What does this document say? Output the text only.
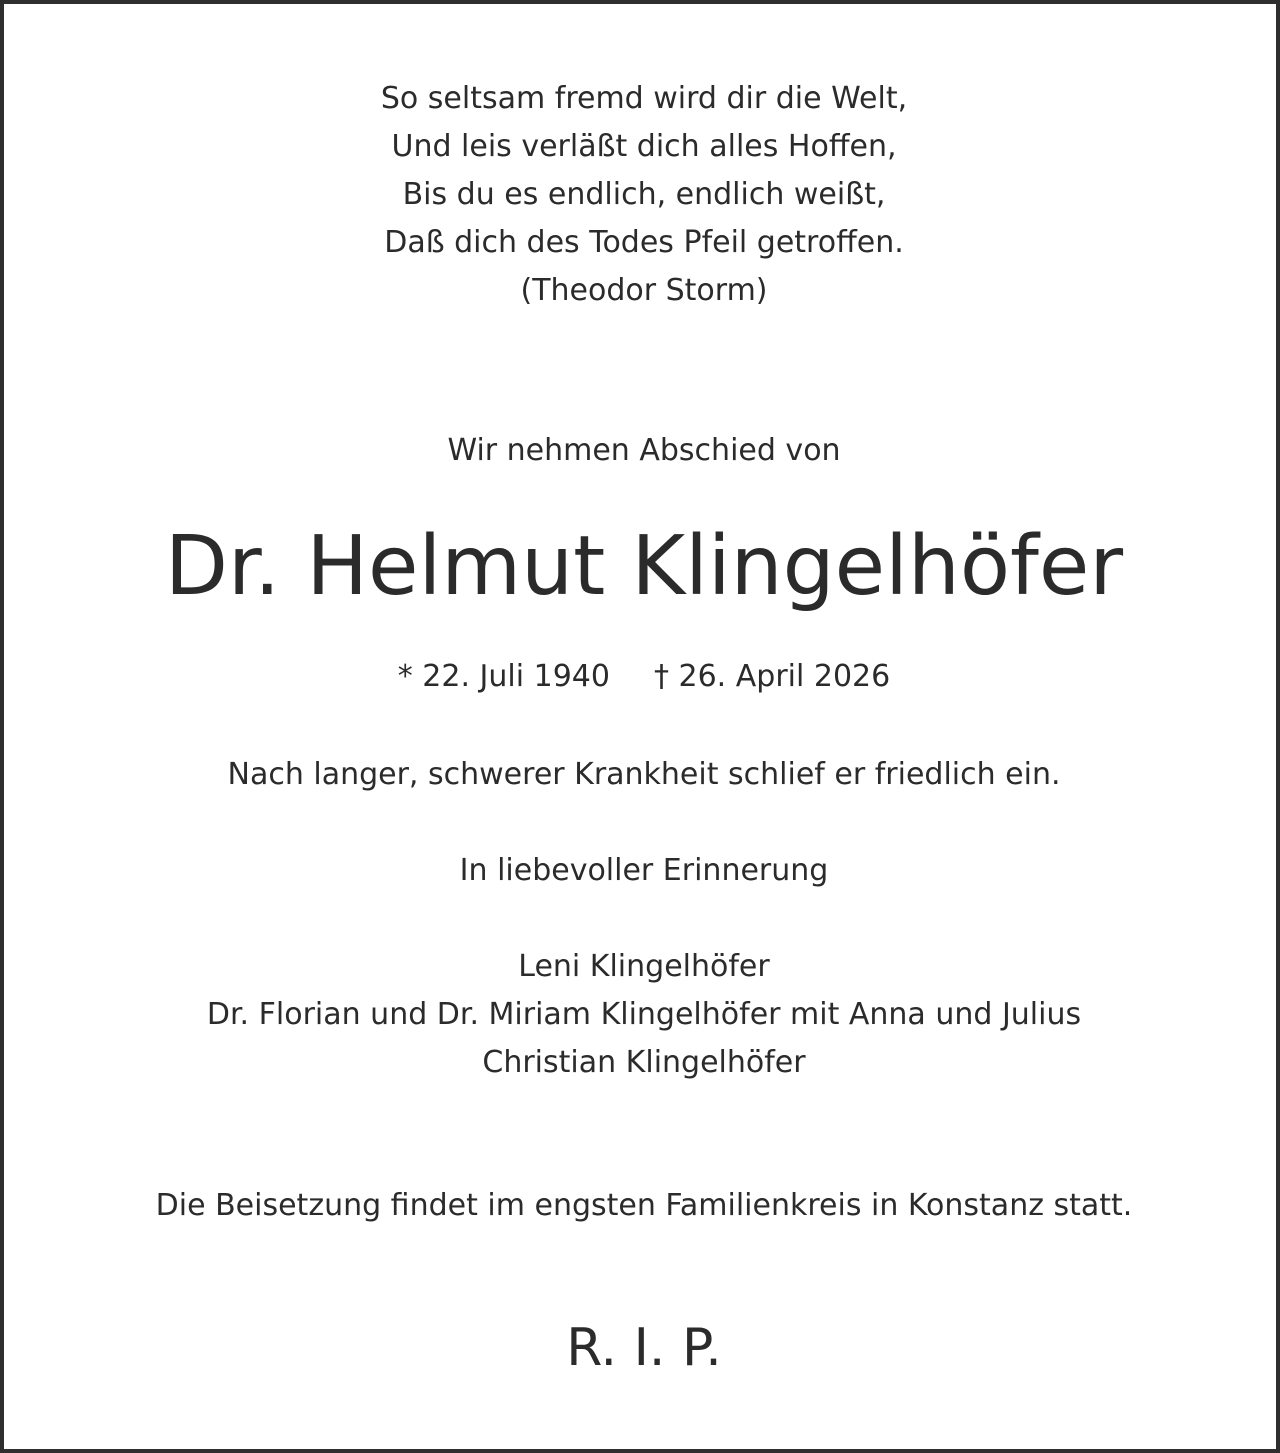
So seltsam fremd wird dir die Welt,
Und leis verläßt dich alles Hoffen,
Bis du es endlich, endlich weißt,
Daß dich des Todes Pfeil getroffen.
(Theodor Storm)
Wir nehmen Abschied von
Dr. Helmut Klingelhöfer
* 22. Juli 1940 † 26. April 2026
Nach langer, schwerer Krankheit schlief er friedlich ein.
In liebevoller Erinnerung
Leni Klingelhöfer
Dr. Florian und Dr. Miriam Klingelhöfer mit Anna und Julius
Christian Klingelhöfer
Die Beisetzung findet im engsten Familienkreis in Konstanz statt.
R. I. P.
